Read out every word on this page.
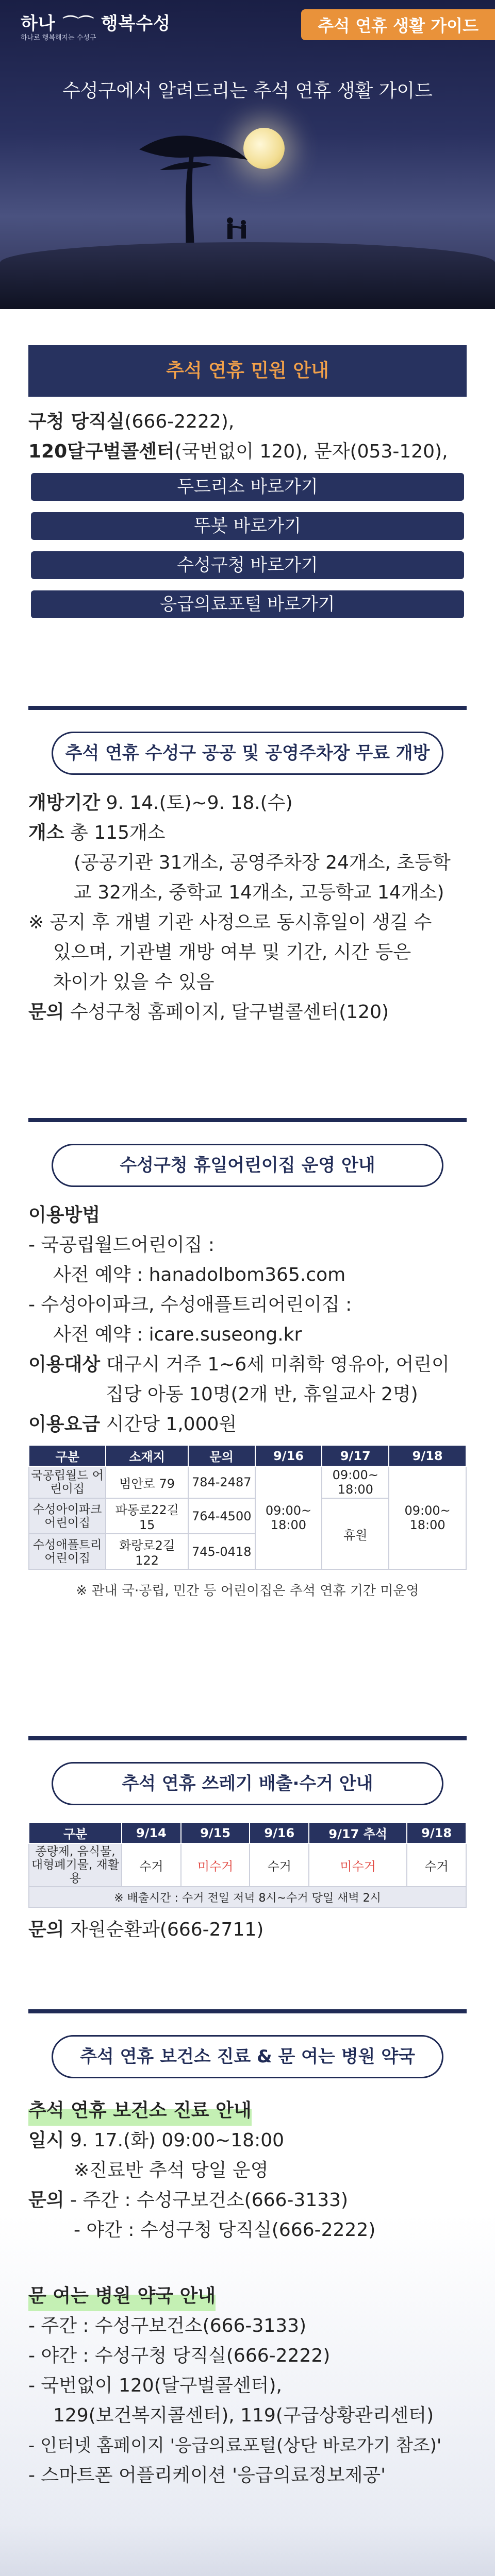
하나 ⌒⌒ 행복수성
하나로 행복해지는 수성구
추석 연휴 생활 가이드
수성구에서 알려드리는 추석 연휴 생활 가이드
추석 연휴 민원 안내
구청 당직실(666-2222),
120달구벌콜센터(국번없이 120), 문자(053-120),
두드리소 바로가기
뚜봇 바로가기
수성구청 바로가기
응급의료포털 바로가기
추석 연휴 수성구 공공 및 공영주차장 무료 개방
개방기간 9. 14.(토)~9. 18.(수)
개소 총 115개소
(공공기관 31개소, 공영주차장 24개소, 초등학
교 32개소, 중학교 14개소, 고등학교 14개소)
※ 공지 후 개별 기관 사정으로 동시휴일이 생길 수
있으며, 기관별 개방 여부 및 기간, 시간 등은
차이가 있을 수 있음
문의 수성구청 홈페이지, 달구벌콜센터(120)
수성구청 휴일어린이집 운영 안내
이용방법
- 국공립월드어린이집 :
사전 예약 : hanadolbom365.com
- 수성아이파크, 수성애플트리어린이집 :
사전 예약 : icare.suseong.kr
이용대상 대구시 거주 1~6세 미취학 영유아, 어린이
집당 아동 10명(2개 반, 휴일교사 2명)
이용요금 시간당 1,000원
구분	소재지	문의	9/16	9/17	9/18
국공립월드 어린이집	범안로 79	784-2487	09:00~ 18:00	09:00~ 18:00	09:00~ 18:00
수성아이파크 어린이집	파동로22길 15	764-4500		휴원	
수성애플트리 어린이집	화랑로2길 122	745-0418			
※ 관내 국·공립, 민간 등 어린이집은 추석 연휴 기간 미운영
추석 연휴 쓰레기 배출·수거 안내
구분	9/14	9/15	9/16	9/17 추석	9/18
종량제, 음식물, 대형폐기물, 재활용	수거	미수거	수거	미수거	수거
※ 배출시간 : 수거 전일 저녁 8시~수거 당일 새벽 2시					
문의 자원순환과(666-2711)
추석 연휴 보건소 진료 & 문 여는 병원 약국
추석 연휴 보건소 진료 안내
일시 9. 17.(화) 09:00~18:00
※진료반 추석 당일 운영
문의 - 주간 : 수성구보건소(666-3133)
- 야간 : 수성구청 당직실(666-2222)
문 여는 병원 약국 안내
- 주간 : 수성구보건소(666-3133)
- 야간 : 수성구청 당직실(666-2222)
- 국번없이 120(달구벌콜센터),
129(보건복지콜센터), 119(구급상황관리센터)
- 인터넷 홈페이지 '응급의료포털(상단 바로가기 참조)'
- 스마트폰 어플리케이션 '응급의료정보제공'
